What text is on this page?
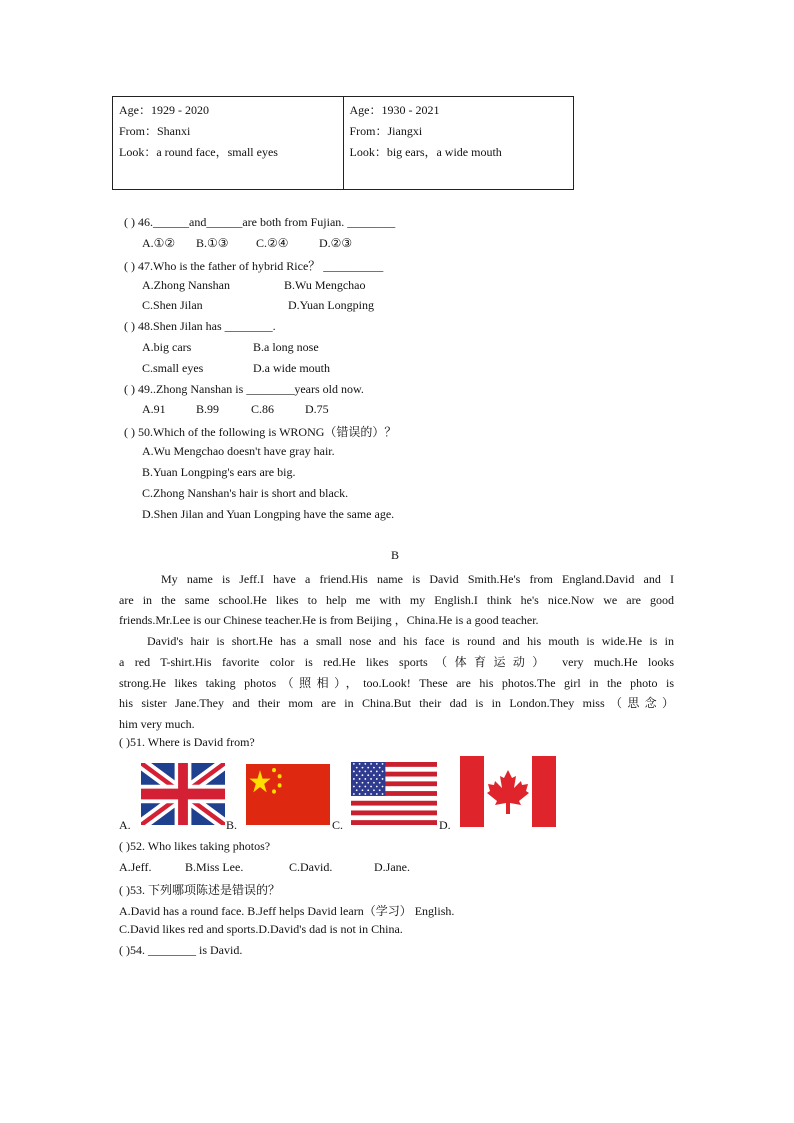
Age：1929 - 2020
From：Shanxi
Look：a round face，small eyes

Age：1930 - 2021
From：Jiangxi
Look：big ears，a wide mouth
( ) 46.______and______are both from Fujian. ________
A.①② B.①③ C.②④	D.②③
( ) 47.Who is the father of hybrid Rice？ __________
A.Zhong Nanshan	B.Wu Mengchao
C.Shen Jilan	D.Yuan Longping
( ) 48.Shen Jilan has ________.
A.big cars	B.a long nose
C.small eyes	D.a wide mouth
( ) 49..Zhong Nanshan is ________years old now.
A.91	B.99	C.86	D.75
( ) 50.Which of the following is WRONG（错误的）？
A.Wu Mengchao doesn't have gray hair.
B.Yuan Longping's ears are big.
C.Zhong Nanshan's hair is short and black.
D.Shen Jilan and Yuan Longping have the same age.
B
My name is Jeff.I have a friend.His name is David Smith.He's from England.David and I
are in the same school.He likes to help me with my English.I think he's nice.Now we are good
friends.Mr.Lee is our Chinese teacher.He is from Beijing ，China.He is a good teacher.
David's hair is short.He has a small nose and his face is round and his mouth is wide.He is in
a red T-shirt.His favorite color is red.He likes sports（体育运动） very much.He looks
strong.He likes taking photos（照相），too.Look! These are his photos.The girl in the photo is
his sister Jane.They and their mom are in China.But their dad is in London.They miss（思念）
him very much.
( )51. Where is David from?
A.	B.	C.	D.
( )52. Who likes taking photos?
A.Jeff.	B.Miss Lee.	C.David.	D.Jane.
( )53. 下列哪项陈述是错误的？
A.David has a round face. B.Jeff helps David learn（学习） English.
C.David likes red and sports.D.David's dad is not in China.
( )54. ________ is David.
